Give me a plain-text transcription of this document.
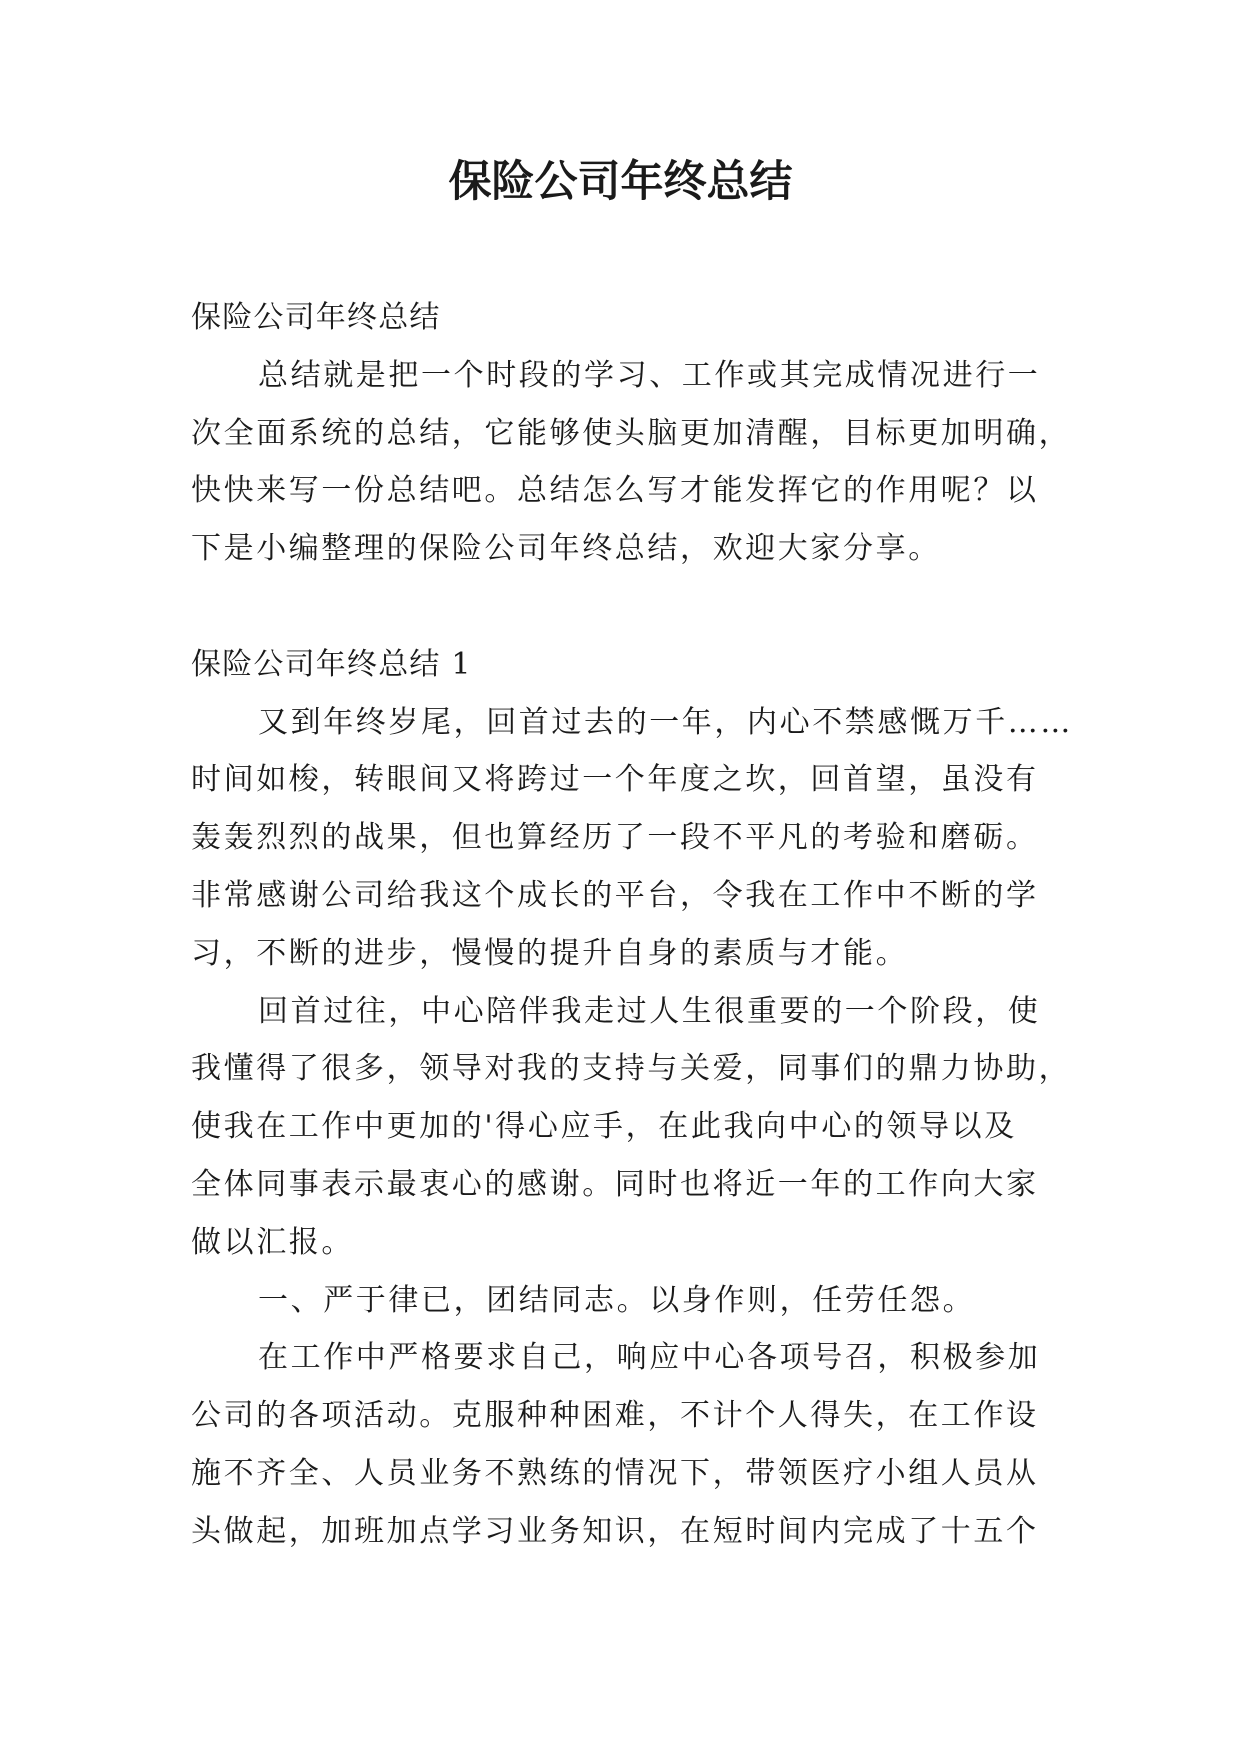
保险公司年终总结
保险公司年终总结
总结就是把一个时段的学习、工作或其完成情况进行一
次全面系统的总结，它能够使头脑更加清醒，目标更加明确，
快快来写一份总结吧。总结怎么写才能发挥它的作用呢？以
下是小编整理的保险公司年终总结，欢迎大家分享。
保险公司年终总结 1
又到年终岁尾，回首过去的一年，内心不禁感慨万千……
时间如梭，转眼间又将跨过一个年度之坎，回首望，虽没有
轰轰烈烈的战果，但也算经历了一段不平凡的考验和磨砺。
非常感谢公司给我这个成长的平台，令我在工作中不断的学
习，不断的进步，慢慢的提升自身的素质与才能。
回首过往，中心陪伴我走过人生很重要的一个阶段，使
我懂得了很多，领导对我的支持与关爱，同事们的鼎力协助，
使我在工作中更加的'得心应手，在此我向中心的领导以及
全体同事表示最衷心的感谢。同时也将近一年的工作向大家
做以汇报。
一、严于律已，团结同志。以身作则，任劳任怨。
在工作中严格要求自己，响应中心各项号召，积极参加
公司的各项活动。克服种种困难，不计个人得失，在工作设
施不齐全、人员业务不熟练的情况下，带领医疗小组人员从
头做起，加班加点学习业务知识，在短时间内完成了十五个
